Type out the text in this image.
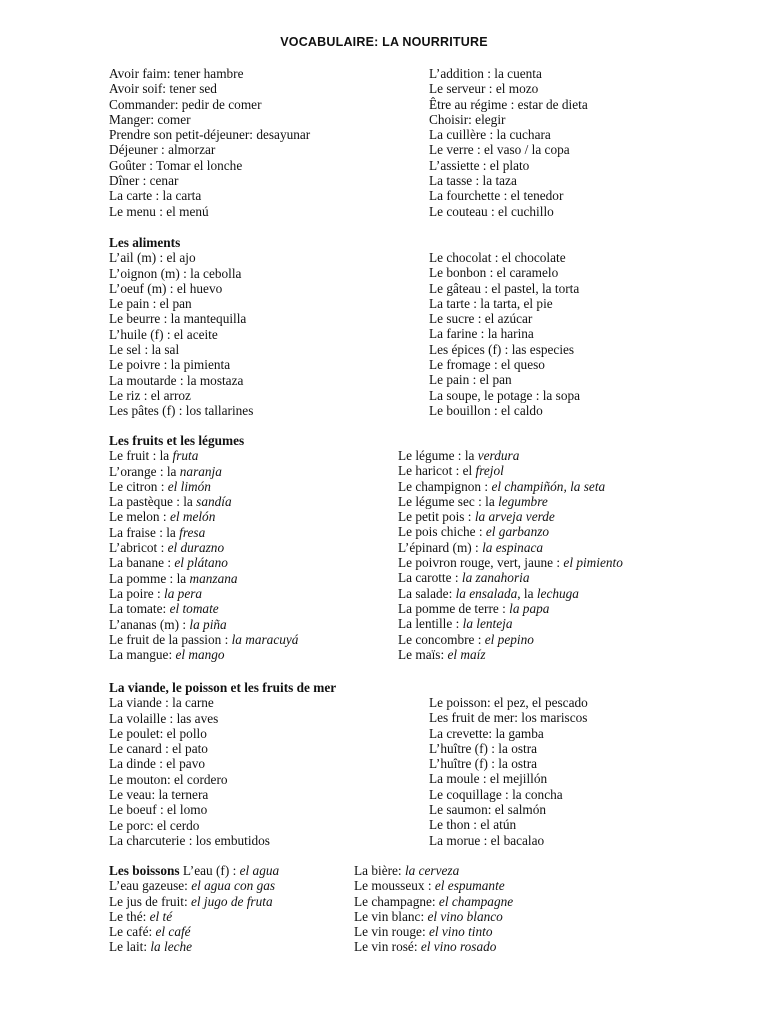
VOCABULAIRE: LA NOURRITURE
Avoir faim: tener hambre
Avoir soif: tener sed
Commander: pedir de comer
Manger: comer
Prendre son petit-déjeuner: desayunar
Déjeuner : almorzar
Goûter : Tomar el lonche
Dîner : cenar
La carte : la carta
Le menu : el menú
L’addition : la cuenta
Le serveur : el mozo
Être au régime : estar de dieta
Choisir: elegir
La cuillère : la cuchara
Le verre : el vaso / la copa
L’assiette : el plato
La tasse : la taza
La fourchette : el tenedor
Le couteau : el cuchillo
Les aliments
L’ail (m) : el ajo
L’oignon (m) : la cebolla
L’oeuf (m) : el huevo
Le pain : el pan
Le beurre : la mantequilla
L’huile (f) : el aceite
Le sel : la sal
Le poivre : la pimienta
La moutarde : la mostaza
Le riz : el arroz
Les pâtes (f) : los tallarines
Le chocolat : el chocolate
Le bonbon : el caramelo
Le gâteau : el pastel, la torta
La tarte : la tarta, el pie
Le sucre : el azúcar
La farine : la harina
Les épices (f) : las especies
Le fromage : el queso
Le pain : el pan
La soupe, le potage : la sopa
Le bouillon : el caldo
Les fruits et les légumes
Le fruit : la fruta
L’orange : la naranja
Le citron : el limón
La pastèque : la sandía
Le melon : el melón
La fraise : la fresa
L’abricot : el durazno
La banane : el plátano
La pomme : la manzana
La poire : la pera
La tomate: el tomate
L’ananas (m) : la piña
Le fruit de la passion : la maracuyá
La mangue: el mango
Le légume : la verdura
Le haricot : el frejol
Le champignon : el champiñón, la seta
Le légume sec : la legumbre
Le petit pois : la arveja verde
Le pois chiche : el garbanzo
L’épinard (m) : la espinaca
Le poivron rouge, vert, jaune : el pimiento
La carotte : la zanahoria
La salade: la ensalada, la lechuga
La pomme de terre : la papa
La lentille : la lenteja
Le concombre : el pepino
Le maïs: el maíz
La viande, le poisson et les fruits de mer
La viande : la carne
La volaille : las aves
Le poulet: el pollo
Le canard : el pato
La dinde : el pavo
Le mouton: el cordero
Le veau: la ternera
Le boeuf : el lomo
Le porc: el cerdo
La charcuterie : los embutidos
Le poisson: el pez, el pescado
Les fruit de mer: los mariscos
La crevette: la gamba
L’huître (f) : la ostra
L’huître (f) : la ostra
La moule : el mejillón
Le coquillage : la concha
Le saumon: el salmón
Le thon : el atún
La morue : el bacalao
Les boissons L’eau (f) : el agua
L’eau gazeuse: el agua con gas
Le jus de fruit: el jugo de fruta
Le thé: el té
Le café: el café
Le lait: la leche
La bière: la cerveza
Le mousseux : el espumante
Le champagne: el champagne
Le vin blanc: el vino blanco
Le vin rouge: el vino tinto
Le vin rosé: el vino rosado
